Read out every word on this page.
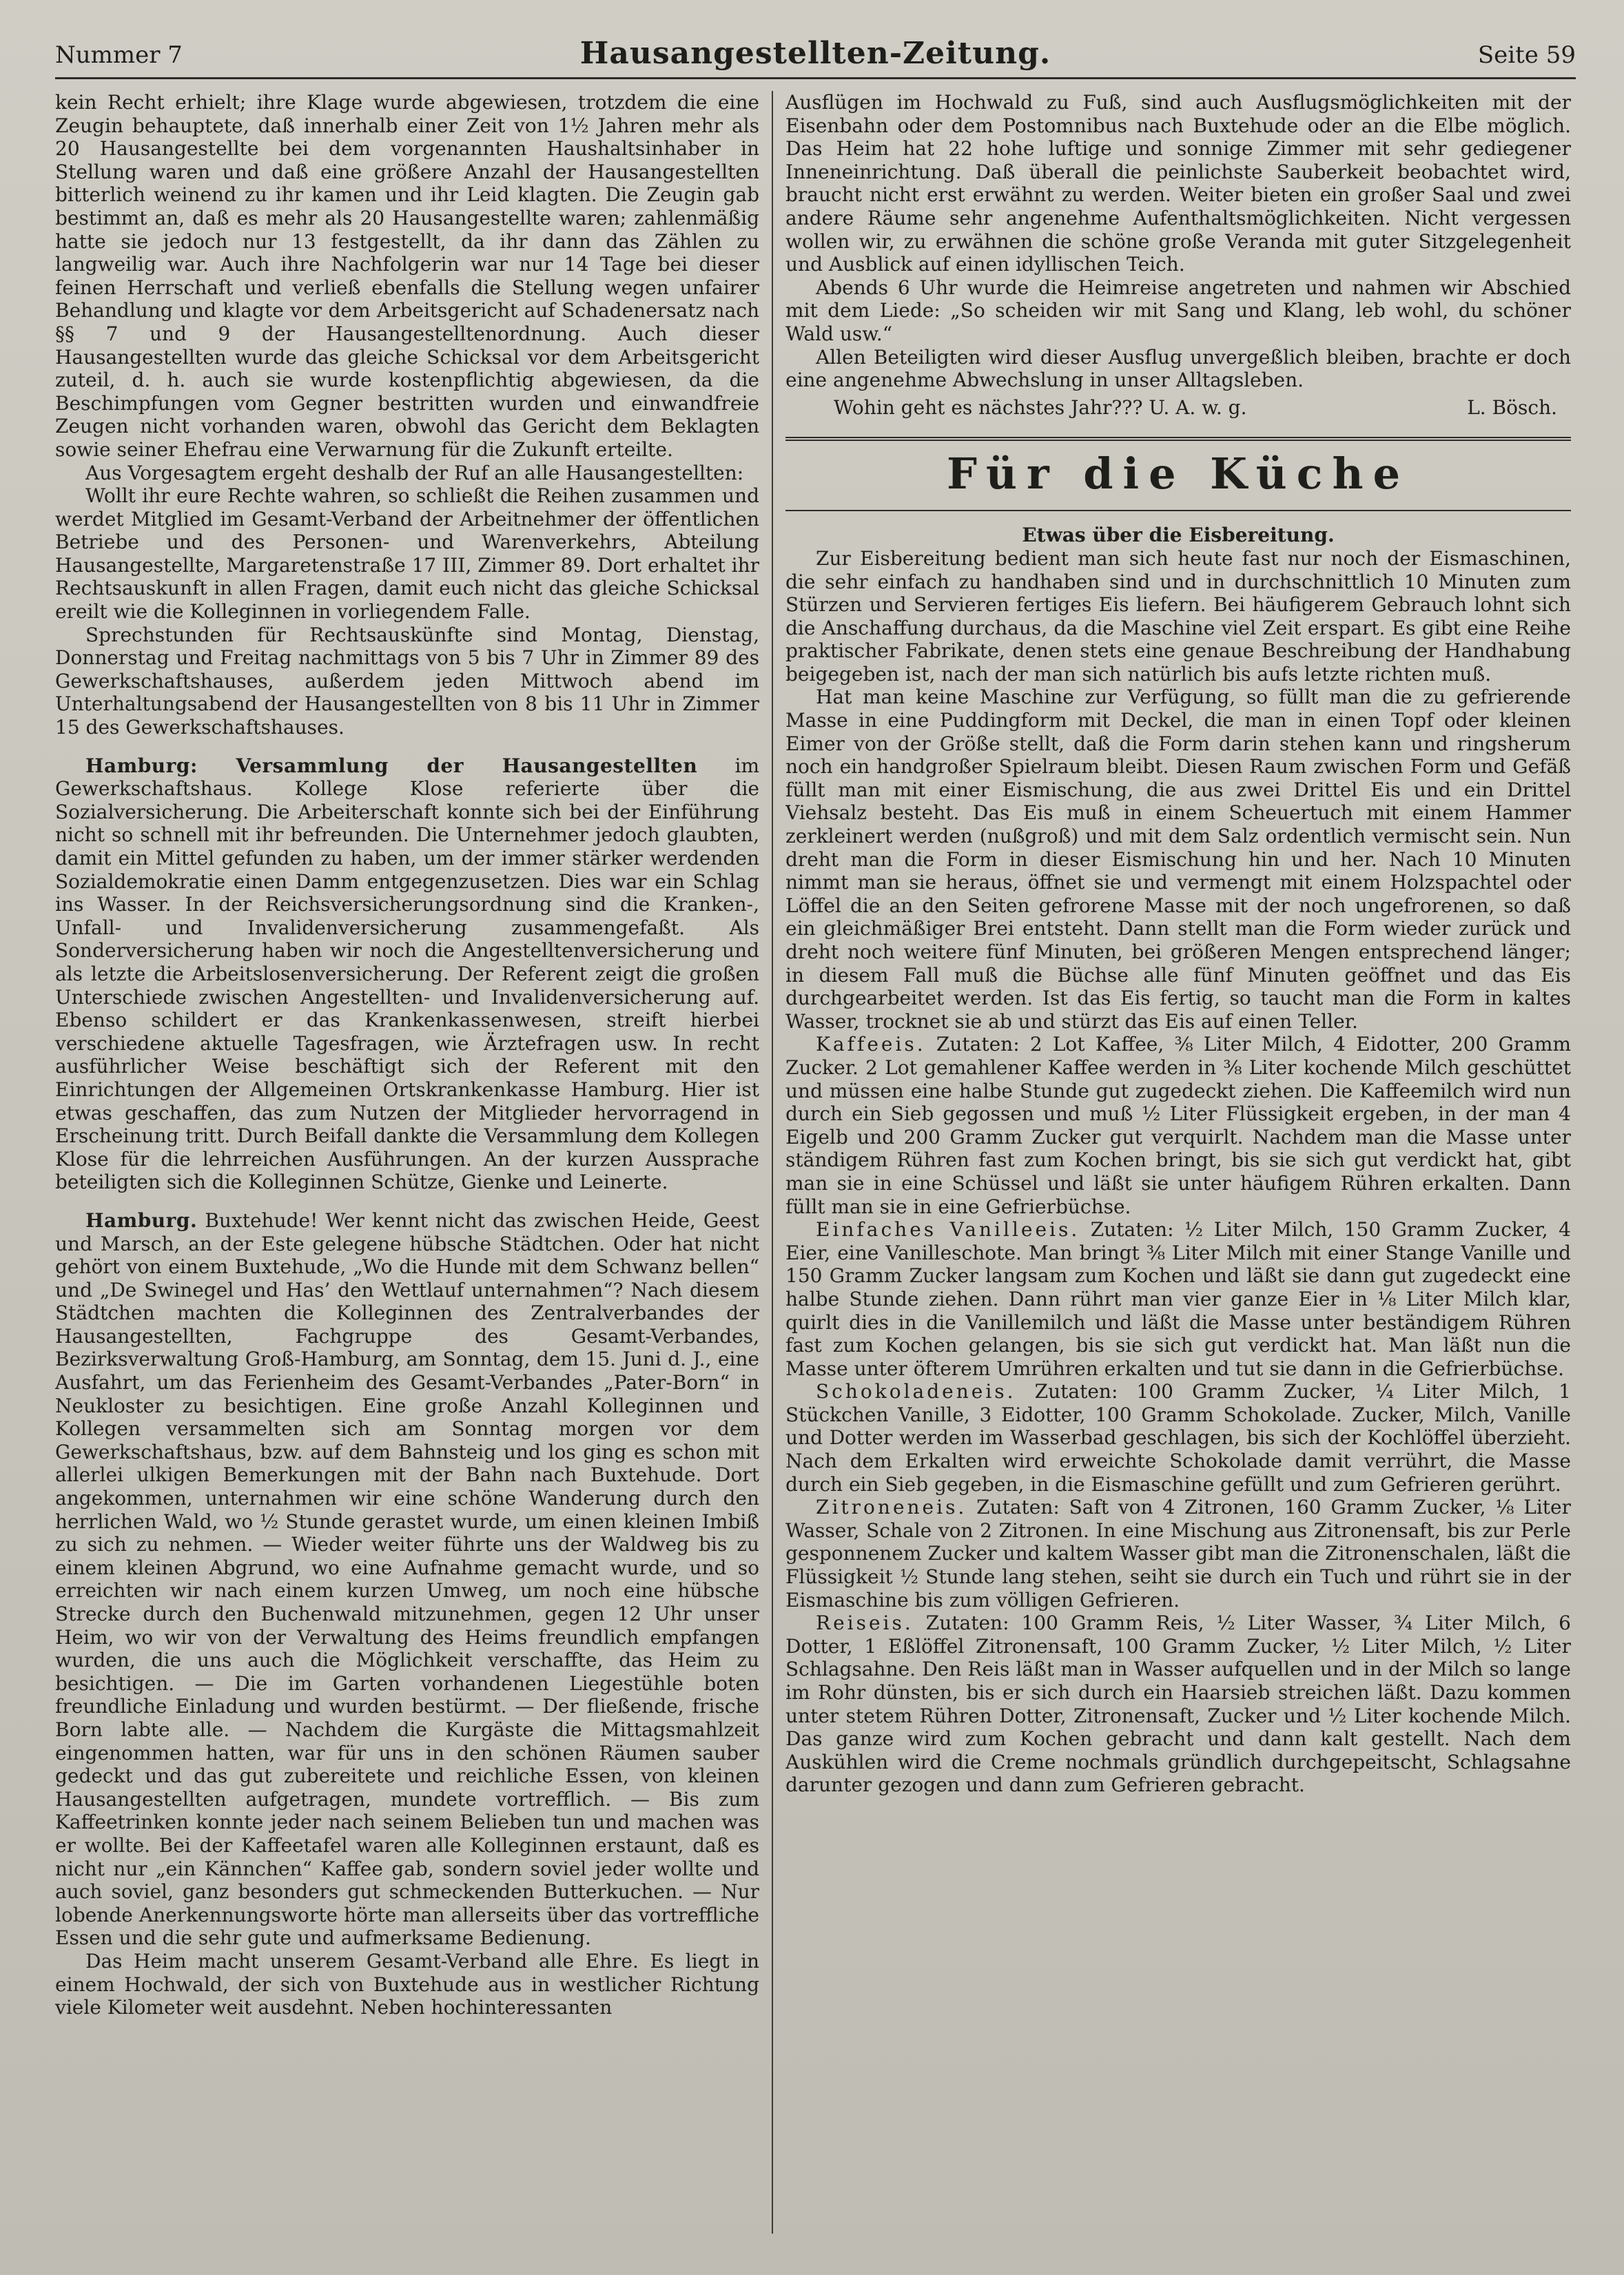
Nummer 7	Hausangestellten-Zeitung.	Seite 59

kein Recht erhielt; ihre Klage wurde abgewiesen, trotzdem die eine Zeugin behauptete, daß innerhalb einer Zeit von 1½ Jahren mehr als 20 Hausangestellte bei dem vorgenannten Haushaltsinhaber in Stellung waren und daß eine größere Anzahl der Hausangestellten bitterlich weinend zu ihr kamen und ihr Leid klagten. Die Zeugin gab bestimmt an, daß es mehr als 20 Hausangestellte waren; zahlenmäßig hatte sie jedoch nur 13 festgestellt, da ihr dann das Zählen zu langweilig war. Auch ihre Nachfolgerin war nur 14 Tage bei dieser feinen Herrschaft und verließ ebenfalls die Stellung wegen unfairer Behandlung und klagte vor dem Arbeitsgericht auf Schadenersatz nach §§ 7 und 9 der Hausangestelltenordnung. Auch dieser Hausangestellten wurde das gleiche Schicksal vor dem Arbeitsgericht zuteil, d. h. auch sie wurde kostenpflichtig abgewiesen, da die Beschimpfungen vom Gegner bestritten wurden und einwandfreie Zeugen nicht vorhanden waren, obwohl das Gericht dem Beklagten sowie seiner Ehefrau eine Verwarnung für die Zukunft erteilte.

Aus Vorgesagtem ergeht deshalb der Ruf an alle Hausangestellten:

Wollt ihr eure Rechte wahren, so schließt die Reihen zusammen und werdet Mitglied im Gesamt-Verband der Arbeitnehmer der öffentlichen Betriebe und des Personen- und Warenverkehrs, Abteilung Hausangestellte, Margaretenstraße 17 III, Zimmer 89. Dort erhaltet ihr Rechtsauskunft in allen Fragen, damit euch nicht das gleiche Schicksal ereilt wie die Kolleginnen in vorliegendem Falle.

Sprechstunden für Rechtsauskünfte sind Montag, Dienstag, Donnerstag und Freitag nachmittags von 5 bis 7 Uhr in Zimmer 89 des Gewerkschaftshauses, außerdem jeden Mittwoch abend im Unterhaltungsabend der Hausangestellten von 8 bis 11 Uhr in Zimmer 15 des Gewerkschaftshauses.

Hamburg: Versammlung der Hausangestellten im Gewerkschaftshaus. Kollege Klose referierte über die Sozialversicherung. Die Arbeiterschaft konnte sich bei der Einführung nicht so schnell mit ihr befreunden. Die Unternehmer jedoch glaubten, damit ein Mittel gefunden zu haben, um der immer stärker werdenden Sozialdemokratie einen Damm entgegenzusetzen. Dies war ein Schlag ins Wasser. In der Reichsversicherungsordnung sind die Kranken-, Unfall- und Invalidenversicherung zusammengefaßt. Als Sonderversicherung haben wir noch die Angestelltenversicherung und als letzte die Arbeitslosenversicherung. Der Referent zeigt die großen Unterschiede zwischen Angestellten- und Invalidenversicherung auf. Ebenso schildert er das Krankenkassenwesen, streift hierbei verschiedene aktuelle Tagesfragen, wie Ärztefragen usw. In recht ausführlicher Weise beschäftigt sich der Referent mit den Einrichtungen der Allgemeinen Ortskrankenkasse Hamburg. Hier ist etwas geschaffen, das zum Nutzen der Mitglieder hervorragend in Erscheinung tritt. Durch Beifall dankte die Versammlung dem Kollegen Klose für die lehrreichen Ausführungen. An der kurzen Aussprache beteiligten sich die Kolleginnen Schütze, Gienke und Leinerte.

Hamburg. Buxtehude! Wer kennt nicht das zwischen Heide, Geest und Marsch, an der Este gelegene hübsche Städtchen. Oder hat nicht gehört von einem Buxtehude, „Wo die Hunde mit dem Schwanz bellen“ und „De Swinegel und Has’ den Wettlauf unternahmen“? Nach diesem Städtchen machten die Kolleginnen des Zentralverbandes der Hausangestellten, Fachgruppe des Gesamt-Verbandes, Bezirksverwaltung Groß-Hamburg, am Sonntag, dem 15. Juni d. J., eine Ausfahrt, um das Ferienheim des Gesamt-Verbandes „Pater-Born“ in Neukloster zu besichtigen. Eine große Anzahl Kolleginnen und Kollegen versammelten sich am Sonntag morgen vor dem Gewerkschaftshaus, bzw. auf dem Bahnsteig und los ging es schon mit allerlei ulkigen Bemerkungen mit der Bahn nach Buxtehude. Dort angekommen, unternahmen wir eine schöne Wanderung durch den herrlichen Wald, wo ½ Stunde gerastet wurde, um einen kleinen Imbiß zu sich zu nehmen. — Wieder weiter führte uns der Waldweg bis zu einem kleinen Abgrund, wo eine Aufnahme gemacht wurde, und so erreichten wir nach einem kurzen Umweg, um noch eine hübsche Strecke durch den Buchenwald mitzunehmen, gegen 12 Uhr unser Heim, wo wir von der Verwaltung des Heims freundlich empfangen wurden, die uns auch die Möglichkeit verschaffte, das Heim zu besichtigen. — Die im Garten vorhandenen Liegestühle boten freundliche Einladung und wurden bestürmt. — Der fließende, frische Born labte alle. — Nachdem die Kurgäste die Mittagsmahlzeit eingenommen hatten, war für uns in den schönen Räumen sauber gedeckt und das gut zubereitete und reichliche Essen, von kleinen Hausangestellten aufgetragen, mundete vortrefflich. — Bis zum Kaffeetrinken konnte jeder nach seinem Belieben tun und machen was er wollte. Bei der Kaffeetafel waren alle Kolleginnen erstaunt, daß es nicht nur „ein Kännchen“ Kaffee gab, sondern soviel jeder wollte und auch soviel, ganz besonders gut schmeckenden Butterkuchen. — Nur lobende Anerkennungsworte hörte man allerseits über das vortreffliche Essen und die sehr gute und aufmerksame Bedienung.

Das Heim macht unserem Gesamt-Verband alle Ehre. Es liegt in einem Hochwald, der sich von Buxtehude aus in westlicher Richtung viele Kilometer weit ausdehnt. Neben hochinteressanten

Ausflügen im Hochwald zu Fuß, sind auch Ausflugsmöglichkeiten mit der Eisenbahn oder dem Postomnibus nach Buxtehude oder an die Elbe möglich. Das Heim hat 22 hohe luftige und sonnige Zimmer mit sehr gediegener Inneneinrichtung. Daß überall die peinlichste Sauberkeit beobachtet wird, braucht nicht erst erwähnt zu werden. Weiter bieten ein großer Saal und zwei andere Räume sehr angenehme Aufenthaltsmöglichkeiten. Nicht vergessen wollen wir, zu erwähnen die schöne große Veranda mit guter Sitzgelegenheit und Ausblick auf einen idyllischen Teich.

Abends 6 Uhr wurde die Heimreise angetreten und nahmen wir Abschied mit dem Liede: „So scheiden wir mit Sang und Klang, leb wohl, du schöner Wald usw.“

Allen Beteiligten wird dieser Ausflug unvergeßlich bleiben, brachte er doch eine angenehme Abwechslung in unser Alltagsleben.

Wohin geht es nächstes Jahr??? U. A. w. g.	L. Bösch.

Für die Küche

Etwas über die Eisbereitung.

Zur Eisbereitung bedient man sich heute fast nur noch der Eismaschinen, die sehr einfach zu handhaben sind und in durchschnittlich 10 Minuten zum Stürzen und Servieren fertiges Eis liefern. Bei häufigerem Gebrauch lohnt sich die Anschaffung durchaus, da die Maschine viel Zeit erspart. Es gibt eine Reihe praktischer Fabrikate, denen stets eine genaue Beschreibung der Handhabung beigegeben ist, nach der man sich natürlich bis aufs letzte richten muß.

Hat man keine Maschine zur Verfügung, so füllt man die zu gefrierende Masse in eine Puddingform mit Deckel, die man in einen Topf oder kleinen Eimer von der Größe stellt, daß die Form darin stehen kann und ringsherum noch ein handgroßer Spielraum bleibt. Diesen Raum zwischen Form und Gefäß füllt man mit einer Eismischung, die aus zwei Drittel Eis und ein Drittel Viehsalz besteht. Das Eis muß in einem Scheuertuch mit einem Hammer zerkleinert werden (nußgroß) und mit dem Salz ordentlich vermischt sein. Nun dreht man die Form in dieser Eismischung hin und her. Nach 10 Minuten nimmt man sie heraus, öffnet sie und vermengt mit einem Holzspachtel oder Löffel die an den Seiten gefrorene Masse mit der noch ungefrorenen, so daß ein gleichmäßiger Brei entsteht. Dann stellt man die Form wieder zurück und dreht noch weitere fünf Minuten, bei größeren Mengen entsprechend länger; in diesem Fall muß die Büchse alle fünf Minuten geöffnet und das Eis durchgearbeitet werden. Ist das Eis fertig, so taucht man die Form in kaltes Wasser, trocknet sie ab und stürzt das Eis auf einen Teller.

Kaffeeis. Zutaten: 2 Lot Kaffee, ⅜ Liter Milch, 4 Eidotter, 200 Gramm Zucker. 2 Lot gemahlener Kaffee werden in ⅜ Liter kochende Milch geschüttet und müssen eine halbe Stunde gut zugedeckt ziehen. Die Kaffeemilch wird nun durch ein Sieb gegossen und muß ½ Liter Flüssigkeit ergeben, in der man 4 Eigelb und 200 Gramm Zucker gut verquirlt. Nachdem man die Masse unter ständigem Rühren fast zum Kochen bringt, bis sie sich gut verdickt hat, gibt man sie in eine Schüssel und läßt sie unter häufigem Rühren erkalten. Dann füllt man sie in eine Gefrierbüchse.

Einfaches Vanilleeis. Zutaten: ½ Liter Milch, 150 Gramm Zucker, 4 Eier, eine Vanilleschote. Man bringt ⅜ Liter Milch mit einer Stange Vanille und 150 Gramm Zucker langsam zum Kochen und läßt sie dann gut zugedeckt eine halbe Stunde ziehen. Dann rührt man vier ganze Eier in ⅛ Liter Milch klar, quirlt dies in die Vanillemilch und läßt die Masse unter beständigem Rühren fast zum Kochen gelangen, bis sie sich gut verdickt hat. Man läßt nun die Masse unter öfterem Umrühren erkalten und tut sie dann in die Gefrierbüchse.

Schokoladeneis. Zutaten: 100 Gramm Zucker, ¼ Liter Milch, 1 Stückchen Vanille, 3 Eidotter, 100 Gramm Schokolade. Zucker, Milch, Vanille und Dotter werden im Wasserbad geschlagen, bis sich der Kochlöffel überzieht. Nach dem Erkalten wird erweichte Schokolade damit verrührt, die Masse durch ein Sieb gegeben, in die Eismaschine gefüllt und zum Gefrieren gerührt.

Zitroneneis. Zutaten: Saft von 4 Zitronen, 160 Gramm Zucker, ⅛ Liter Wasser, Schale von 2 Zitronen. In eine Mischung aus Zitronensaft, bis zur Perle gesponnenem Zucker und kaltem Wasser gibt man die Zitronenschalen, läßt die Flüssigkeit ½ Stunde lang stehen, seiht sie durch ein Tuch und rührt sie in der Eismaschine bis zum völligen Gefrieren.

Reiseis. Zutaten: 100 Gramm Reis, ½ Liter Wasser, ¾ Liter Milch, 6 Dotter, 1 Eßlöffel Zitronensaft, 100 Gramm Zucker, ½ Liter Milch, ½ Liter Schlagsahne. Den Reis läßt man in Wasser aufquellen und in der Milch so lange im Rohr dünsten, bis er sich durch ein Haarsieb streichen läßt. Dazu kommen unter stetem Rühren Dotter, Zitronensaft, Zucker und ½ Liter kochende Milch. Das ganze wird zum Kochen gebracht und dann kalt gestellt. Nach dem Auskühlen wird die Creme nochmals gründlich durchgepeitscht, Schlagsahne darunter gezogen und dann zum Gefrieren gebracht.
